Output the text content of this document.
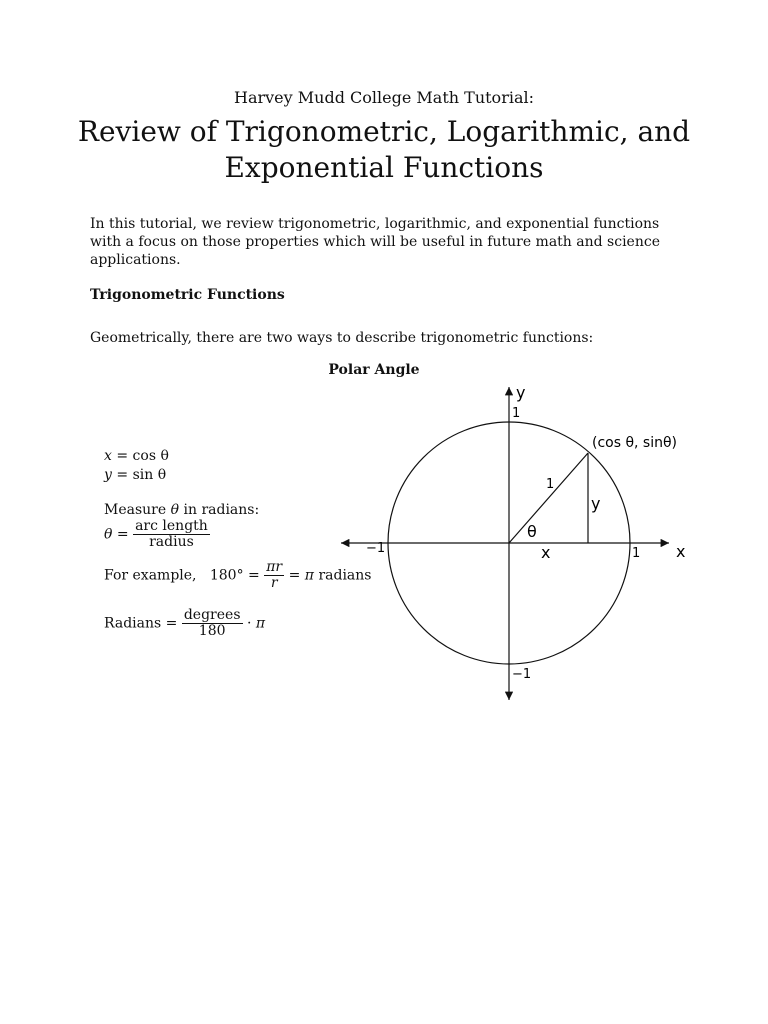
Harvey Mudd College Math Tutorial:
Review of Trigonometric, Logarithmic, and
Exponential Functions
In this tutorial, we review trigonometric, logarithmic, and exponential functions with a focus on those properties which will be useful in future math and science applications.
Trigonometric Functions
Geometrically, there are two ways to describe trigonometric functions:
Polar Angle
x = cos θ
y = sin θ
Measure θ in radians:
$\theta = \frac{\text{arc length}}{\text{radius}}$
For example, $180^\circ = \frac{\pi r}{r} = \pi$ radians
Radians = $\frac{\text{degrees}}{180} \cdot \pi$
y
1
−1
−1	1 x
(cos θ, sinθ)
1
y
x
θ
